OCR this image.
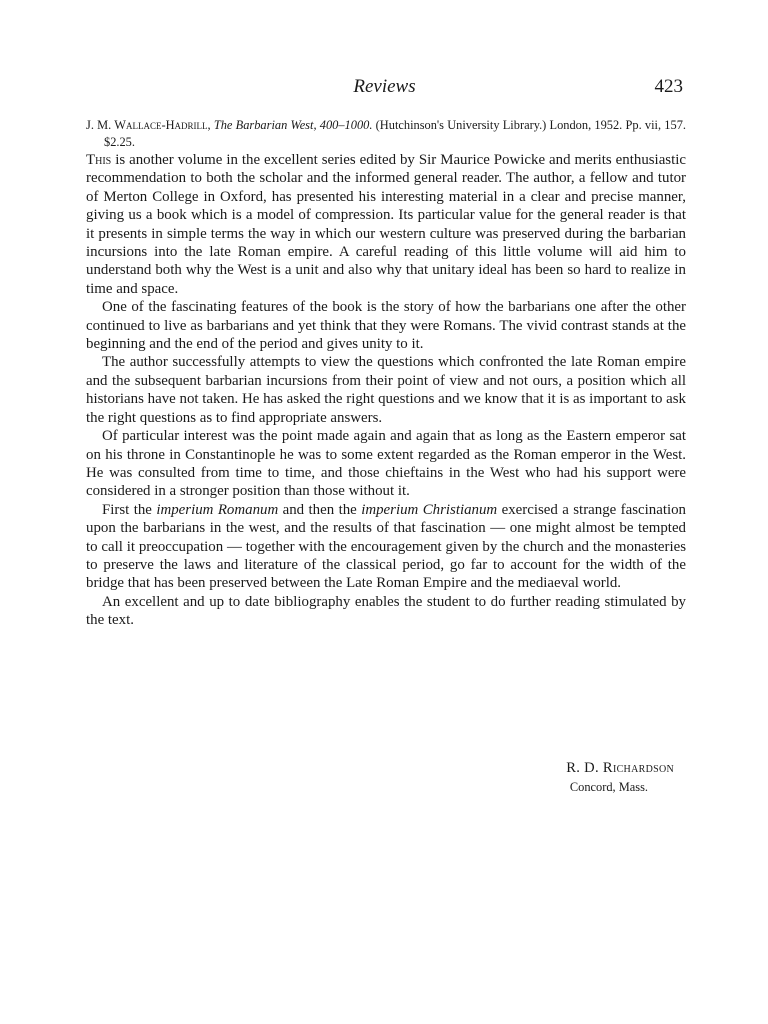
Reviews	423
J. M. Wallace-Hadrill, The Barbarian West, 400–1000. (Hutchinson's University Library.) London, 1952. Pp. vii, 157. $2.25.

This is another volume in the excellent series edited by Sir Maurice Powicke and merits enthusiastic recommendation to both the scholar and the informed general reader. The author, a fellow and tutor of Merton College in Oxford, has presented his interesting material in a clear and precise manner, giving us a book which is a model of compression. Its particular value for the general reader is that it presents in simple terms the way in which our western culture was preserved during the barbarian incursions into the late Roman empire. A careful reading of this little volume will aid him to understand both why the West is a unit and also why that unitary ideal has been so hard to realize in time and space.

One of the fascinating features of the book is the story of how the barbarians one after the other continued to live as barbarians and yet think that they were Romans. The vivid contrast stands at the beginning and the end of the period and gives unity to it.

The author successfully attempts to view the questions which confronted the late Roman empire and the subsequent barbarian incursions from their point of view and not ours, a position which all historians have not taken. He has asked the right questions and we know that it is as important to ask the right questions as to find appropriate answers.

Of particular interest was the point made again and again that as long as the Eastern emperor sat on his throne in Constantinople he was to some extent regarded as the Roman emperor in the West. He was consulted from time to time, and those chieftains in the West who had his support were considered in a stronger position than those without it.

First the imperium Romanum and then the imperium Christianum exercised a strange fascination upon the barbarians in the west, and the results of that fascination — one might almost be tempted to call it preoccupation — together with the encouragement given by the church and the monasteries to preserve the laws and literature of the classical period, go far to account for the width of the bridge that has been preserved between the Late Roman Empire and the mediaeval world.

An excellent and up to date bibliography enables the student to do further reading stimulated by the text.

R. D. Richardson
Concord, Mass.
